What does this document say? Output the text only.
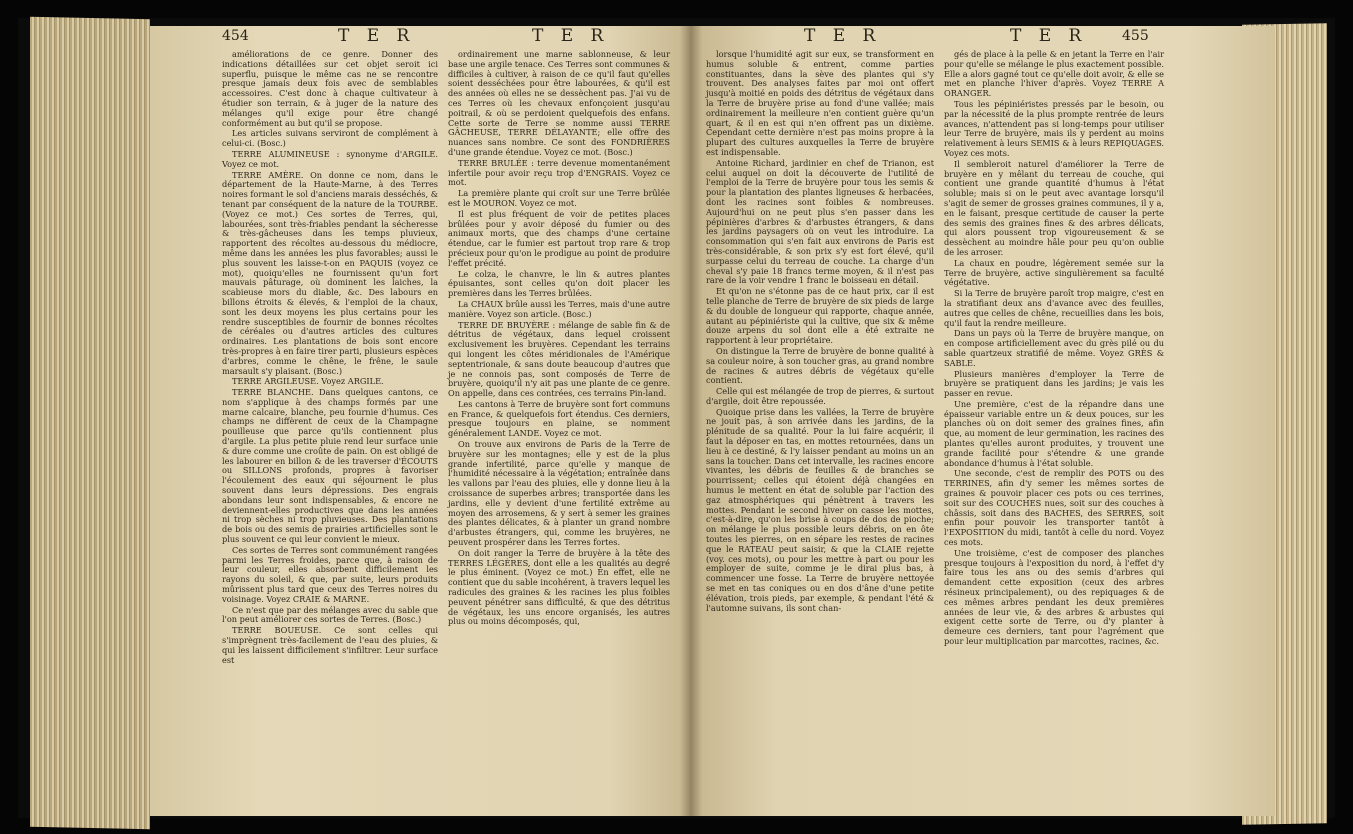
454	T E R	T E R	T E R	T E R 455

améliorations de ce genre. Donner des indications détaillées sur cet objet seroit ici superflu, puisque le même cas ne se rencontre presque jamais deux fois avec de semblables accessoires. C'est donc à chaque cultivateur à étudier son terrain, & à juger de la nature des mélanges qu'il exige pour être changé conformément au but qu'il se propose.

Les articles suivans serviront de complément à celui-ci. (Bosc.)

TERRE ALUMINEUSE : synonyme d'ARGILE. Voyez ce mot.

TERRE AMÈRE. On donne ce nom, dans le département de la Haute-Marne, à des Terres noires formant le sol d'anciens marais desséchés, & tenant par conséquent de la nature de la TOURBE. (Voyez ce mot.) Ces sortes de Terres, qui, labourées, sont très-friables pendant la sécheresse & très-gâcheuses dans les temps pluvieux, rapportent des récoltes au-dessous du médiocre, même dans les années les plus favorables; aussi le plus souvent les laisse-t-on en PAQUIS (voyez ce mot), quoiqu'elles ne fournissent qu'un fort mauvais pâturage, où dominent les laiches, la scabieuse mors du diable, &c. Des labours en billons étroits & élevés, & l'emploi de la chaux, sont les deux moyens les plus certains pour les rendre susceptibles de fournir de bonnes récoltes de céréales ou d'autres articles des cultures ordinaires. Les plantations de bois sont encore très-propres à en faire tirer parti, plusieurs espèces d'arbres, comme le chêne, le frêne, le saule marsault s'y plaisant. (Bosc.)

TERRE ARGILEUSE. Voyez ARGILE.

TERRE BLANCHE. Dans quelques cantons, ce nom s'applique à des champs formés par une marne calcaire, blanche, peu fournie d'humus. Ces champs ne diffèrent de ceux de la Champagne pouilleuse que parce qu'ils contiennent plus d'argile. La plus petite pluie rend leur surface unie & dure comme une croûte de pain. On est obligé de les labourer en billon & de les traverser d'ÉCOUTS ou SILLONS profonds, propres à favoriser l'écoulement des eaux qui séjournent le plus souvent dans leurs dépressions. Des engrais abondans leur sont indispensables, & encore ne deviennent-elles productives que dans les années ni trop sèches ni trop pluvieuses. Des plantations de bois ou des semis de prairies artificielles sont le plus souvent ce qui leur convient le mieux.

Ces sortes de Terres sont communément rangées parmi les Terres froides, parce que, à raison de leur couleur, elles absorbent difficilement les rayons du soleil, & que, par suite, leurs produits mûrissent plus tard que ceux des Terres noires du voisinage. Voyez CRAIE & MARNE.

Ce n'est que par des mélanges avec du sable que l'on peut améliorer ces sortes de Terres. (Bosc.)

TERRE BOUEUSE. Ce sont celles qui s'imprègnent très-facilement de l'eau des pluies, & qui les laissent difficilement s'infiltrer. Leur surface est

ordinairement une marne sablonneuse, & leur base une argile tenace. Ces Terres sont communes & difficiles à cultiver, à raison de ce qu'il faut qu'elles soient desséchées pour être labourées, & qu'il est des années où elles ne se dessèchent pas. J'ai vu de ces Terres où les chevaux enfonçoient jusqu'au poitrail, & où se perdoient quelquefois des enfans. Cette sorte de Terre se nomme aussi TERRE GÂCHEUSE, TERRE DÉLAYANTE; elle offre des nuances sans nombre. Ce sont des FONDRIÈRES d'une grande étendue. Voyez ce mot. (Bosc.)

TERRE BRULÉE : terre devenue momentanément infertile pour avoir reçu trop d'ENGRAIS. Voyez ce mot.

La première plante qui croît sur une Terre brûlée est le MOURON. Voyez ce mot.

Il est plus fréquent de voir de petites places brûlées pour y avoir déposé du fumier ou des animaux morts, que des champs d'une certaine étendue, car le fumier est partout trop rare & trop précieux pour qu'on le prodigue au point de produire l'effet précité.

Le colza, le chanvre, le lin & autres plantes épuisantes, sont celles qu'on doit placer les premières dans les Terres brûlées.

La CHAUX brûle aussi les Terres, mais d'une autre manière. Voyez son article. (Bosc.)

TERRE DE BRUYÈRE : mélange de sable fin & de détritus de végétaux, dans lequel croissent exclusivement les bruyères. Cependant les terrains qui longent les côtes méridionales de l'Amérique septentrionale, & sans doute beaucoup d'autres que je ne connois pas, sont composés de Terre de bruyère, quoiqu'il n'y ait pas une plante de ce genre. On appelle, dans ces contrées, ces terrains Pin-land.

Les cantons à Terre de bruyère sont fort communs en France, & quelquefois fort étendus. Ces derniers, presque toujours en plaine, se nomment généralement LANDE. Voyez ce mot.

On trouve aux environs de Paris de la Terre de bruyère sur les montagnes; elle y est de la plus grande infertilité, parce qu'elle y manque de l'humidité nécessaire à la végétation; entraînée dans les vallons par l'eau des pluies, elle y donne lieu à la croissance de superbes arbres; transportée dans les jardins, elle y devient d'une fertilité extrême au moyen des arrosemens, & y sert à semer les graines des plantes délicates, & à planter un grand nombre d'arbustes étrangers, qui, comme les bruyères, ne peuvent prospérer dans les Terres fortes.

On doit ranger la Terre de bruyère à la tête des TERRES LÉGÈRES, dont elle a les qualités au degré le plus éminent. (Voyez ce mot.) En effet, elle ne contient que du sable incohérent, à travers lequel les radicules des graines & les racines les plus foibles peuvent pénétrer sans difficulté, & que des détritus de végétaux, les uns encore organisés, les autres plus ou moins décomposés, qui,

lorsque l'humidité agit sur eux, se transforment en humus soluble & entrent, comme parties constituantes, dans la sève des plantes qui s'y trouvent. Des analyses faites par moi ont offert jusqu'à moitié en poids des détritus de végétaux dans la Terre de bruyère prise au fond d'une vallée; mais ordinairement la meilleure n'en contient guère qu'un quart, & il en est qui n'en offrent pas un dixième. Cependant cette dernière n'est pas moins propre à la plupart des cultures auxquelles la Terre de bruyère est indispensable.

Antoine Richard, jardinier en chef de Trianon, est celui auquel on doit la découverte de l'utilité de l'emploi de la Terre de bruyère pour tous les semis & pour la plantation des plantes ligneuses & herbacées, dont les racines sont foibles & nombreuses. Aujourd'hui on ne peut plus s'en passer dans les pépinières d'arbres & d'arbustes étrangers, & dans les jardins paysagers où on veut les introduire. La consommation qui s'en fait aux environs de Paris est très-considérable, & son prix s'y est fort élevé, qu'il surpasse celui du terreau de couche. La charge d'un cheval s'y paie 18 francs terme moyen, & il n'est pas rare de la voir vendre 1 franc le boisseau en détail.

Et qu'on ne s'étonne pas de ce haut prix, car il est telle planche de Terre de bruyère de six pieds de large & du double de longueur qui rapporte, chaque année, autant au pépiniériste qui la cultive, que six & même douze arpens du sol dont elle a été extraite ne rapportent à leur propriétaire.

On distingue la Terre de bruyère de bonne qualité à sa couleur noire, à son toucher gras, au grand nombre de racines & autres débris de végétaux qu'elle contient.

Celle qui est mélangée de trop de pierres, & surtout d'argile, doit être repoussée.

Quoique prise dans les vallées, la Terre de bruyère ne jouit pas, à son arrivée dans les jardins, de la plénitude de sa qualité. Pour la lui faire acquérir, il faut la déposer en tas, en mottes retournées, dans un lieu à ce destiné, & l'y laisser pendant au moins un an sans la toucher. Dans cet intervalle, les racines encore vivantes, les débris de feuilles & de branches se pourrissent; celles qui étoient déjà changées en humus le mettent en état de soluble par l'action des gaz atmosphériques qui pénètrent à travers les mottes. Pendant le second hiver on casse les mottes, c'est-à-dire, qu'on les brise à coups de dos de pioche; on mélange le plus possible leurs débris, on en ôte toutes les pierres, on en sépare les restes de racines que le RATEAU peut saisir, & que la CLAIE rejette (voy. ces mots), ou pour les mettre à part ou pour les employer de suite, comme je le dirai plus bas, à commencer une fosse. La Terre de bruyère nettoyée se met en tas coniques ou en dos d'âne d'une petite élévation, trois pieds, par exemple, & pendant l'été & l'automne suivans, ils sont chan-

gés de place à la pelle & en jetant la Terre en l'air pour qu'elle se mélange le plus exactement possible. Elle a alors gagné tout ce qu'elle doit avoir, & elle se met en planche l'hiver d'après. Voyez TERRE A ORANGER.

Tous les pépiniéristes pressés par le besoin, ou par la nécessité de la plus prompte rentrée de leurs avances, n'attendent pas si long-temps pour utiliser leur Terre de bruyère, mais ils y perdent au moins relativement à leurs SEMIS & à leurs REPIQUAGES. Voyez ces mots.

Il sembleroit naturel d'améliorer la Terre de bruyère en y mêlant du terreau de couche, qui contient une grande quantité d'humus à l'état soluble; mais si on le peut avec avantage lorsqu'il s'agit de semer de grosses graines communes, il y a, en le faisant, presque certitude de causer la perte des semis des graines fines & des arbres délicats, qui alors poussent trop vigoureusement & se dessèchent au moindre hâle pour peu qu'on oublie de les arroser.

La chaux en poudre, légèrement semée sur la Terre de bruyère, active singulièrement sa faculté végétative.

Si la Terre de bruyère paroît trop maigre, c'est en la stratifiant deux ans d'avance avec des feuilles, autres que celles de chêne, recueillies dans les bois, qu'il faut la rendre meilleure.

Dans un pays où la Terre de bruyère manque, on en compose artificiellement avec du grès pilé ou du sable quartzeux stratifié de même. Voyez GRÈS & SABLE.

Plusieurs manières d'employer la Terre de bruyère se pratiquent dans les jardins; je vais les passer en revue.

Une première, c'est de la répandre dans une épaisseur variable entre un & deux pouces, sur les planches où on doit semer des graines fines, afin que, au moment de leur germination, les racines des plantes qu'elles auront produites, y trouvent une grande facilité pour s'étendre & une grande abondance d'humus à l'état soluble.

Une seconde, c'est de remplir des POTS ou des TERRINES, afin d'y semer les mêmes sortes de graines & pouvoir placer ces pots ou ces terrines, soit sur des COUCHES nues, soit sur des couches à châssis, soit dans des BACHES, des SERRES, soit enfin pour pouvoir les transporter tantôt à l'EXPOSITION du midi, tantôt à celle du nord. Voyez ces mots.

Une troisième, c'est de composer des planches presque toujours à l'exposition du nord, à l'effet d'y faire tous les ans ou des semis d'arbres qui demandent cette exposition (ceux des arbres résineux principalement), ou des repiquages & de ces mêmes arbres pendant les deux premières années de leur vie, & des arbres & arbustes qui exigent cette sorte de Terre, ou d'y planter à demeure ces derniers, tant pour l'agrément que pour leur multiplication par marcottes, racines, &c.
